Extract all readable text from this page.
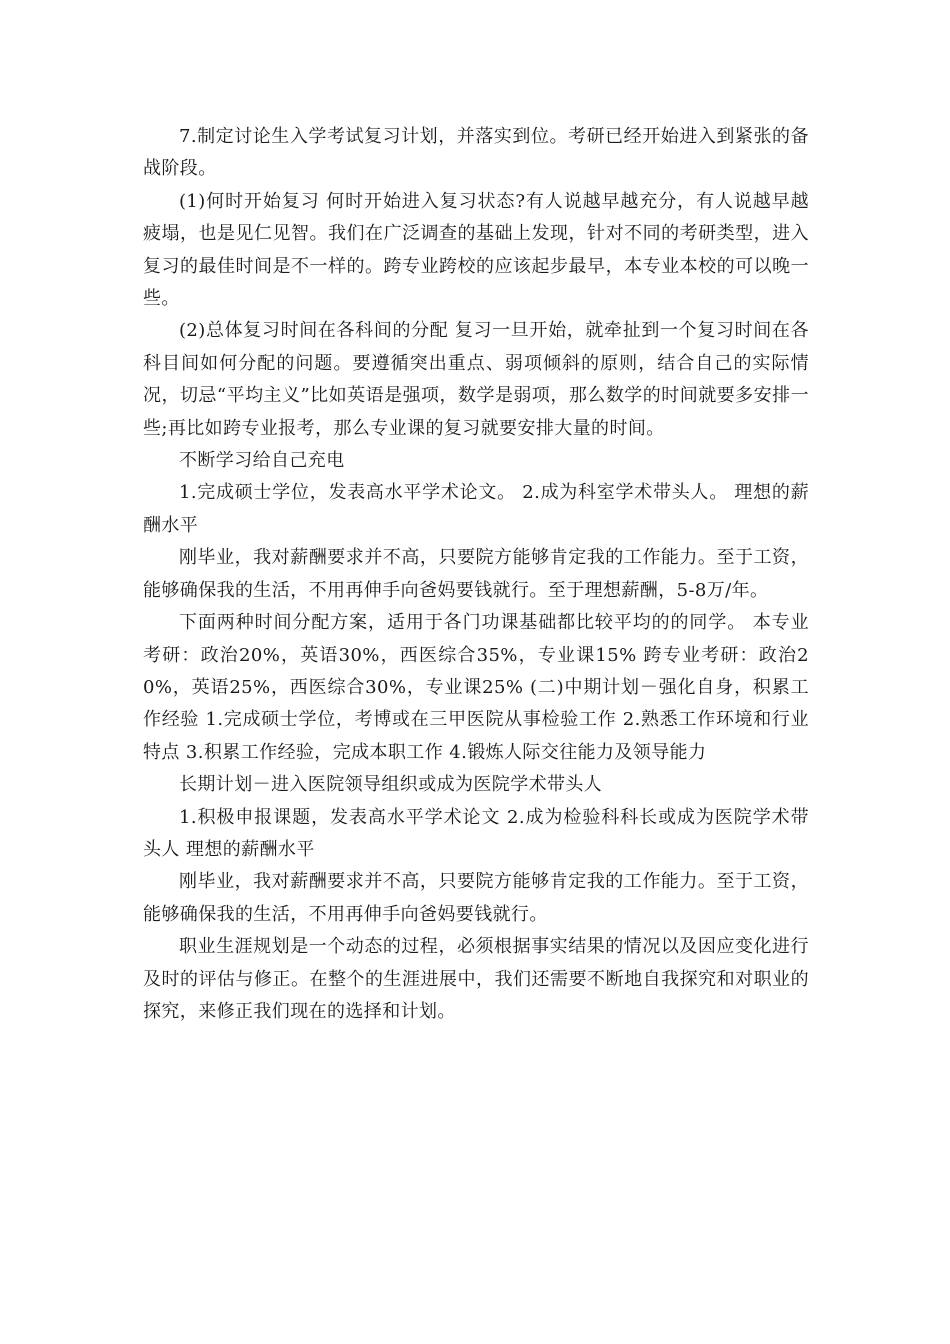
7.制定讨论生入学考试复习计划，并落实到位。考研已经开始进入到紧张的备战阶段。

(1)何时开始复习 何时开始进入复习状态?有人说越早越充分，有人说越早越疲塌，也是见仁见智。我们在广泛调查的基础上发现，针对不同的考研类型，进入复习的最佳时间是不一样的。跨专业跨校的应该起步最早，本专业本校的可以晚一些。

(2)总体复习时间在各科间的分配 复习一旦开始，就牵扯到一个复习时间在各科目间如何分配的问题。要遵循突出重点、弱项倾斜的原则，结合自己的实际情况，切忌“平均主义”比如英语是强项，数学是弱项，那么数学的时间就要多安排一些;再比如跨专业报考，那么专业课的复习就要安排大量的时间。

不断学习给自己充电

1.完成硕士学位，发表高水平学术论文。 2.成为科室学术带头人。 理想的薪酬水平

刚毕业，我对薪酬要求并不高，只要院方能够肯定我的工作能力。至于工资，能够确保我的生活，不用再伸手向爸妈要钱就行。至于理想薪酬，5-8万/年。

下面两种时间分配方案，适用于各门功课基础都比较平均的的同学。 本专业考研：政治20%，英语30%，西医综合35%，专业课15% 跨专业考研：政治20%，英语25%，西医综合30%，专业课25% (二)中期计划－强化自身，积累工作经验 1.完成硕士学位，考博或在三甲医院从事检验工作 2.熟悉工作环境和行业特点 3.积累工作经验，完成本职工作 4.锻炼人际交往能力及领导能力

长期计划－进入医院领导组织或成为医院学术带头人

1.积极申报课题，发表高水平学术论文 2.成为检验科科长或成为医院学术带头人 理想的薪酬水平

刚毕业，我对薪酬要求并不高，只要院方能够肯定我的工作能力。至于工资，能够确保我的生活，不用再伸手向爸妈要钱就行。

职业生涯规划是一个动态的过程，必须根据事实结果的情况以及因应变化进行及时的评估与修正。在整个的生涯进展中，我们还需要不断地自我探究和对职业的探究，来修正我们现在的选择和计划。
